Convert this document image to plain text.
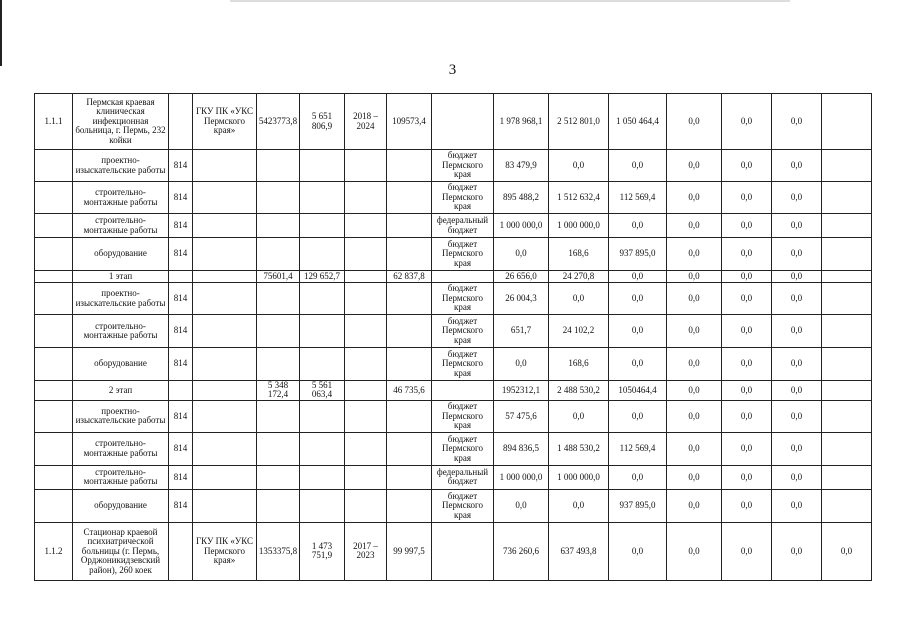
3
1.1.1	Пермская краевая клиническая инфекционная больница, г. Пермь, 232 койки		ГКУ ПК «УКС Пермского края»	5423773,8	5 651 806,9	2018 – 2024	109573,4		1 978 968,1	2 512 801,0	1 050 464,4	0,0	0,0	0,0	
	проектно-изыскательские работы	814						бюджет Пермского края	83 479,9	0,0	0,0	0,0	0,0	0,0	
	строительно-монтажные работы	814						бюджет Пермского края	895 488,2	1 512 632,4	112 569,4	0,0	0,0	0,0	
	строительно-монтажные работы	814						федеральный бюджет	1 000 000,0	1 000 000,0	0,0	0,0	0,0	0,0	
	оборудование	814						бюджет Пермского края	0,0	168,6	937 895,0	0,0	0,0	0,0	
	1 этап			75601,4	129 652,7		62 837,8		26 656,0	24 270,8	0,0	0,0	0,0	0,0	
	проектно-изыскательские работы	814						бюджет Пермского края	26 004,3	0,0	0,0	0,0	0,0	0,0	
	строительно-монтажные работы	814						бюджет Пермского края	651,7	24 102,2	0,0	0,0	0,0	0,0	
	оборудование	814						бюджет Пермского края	0,0	168,6	0,0	0,0	0,0	0,0	
	2 этап			5 348 172,4	5 561 063,4		46 735,6		1952312,1	2 488 530,2	1050464,4	0,0	0,0	0,0	
	проектно-изыскательские работы	814						бюджет Пермского края	57 475,6	0,0	0,0	0,0	0,0	0,0	
	строительно-монтажные работы	814						бюджет Пермского края	894 836,5	1 488 530,2	112 569,4	0,0	0,0	0,0	
	строительно-монтажные работы	814						федеральный бюджет	1 000 000,0	1 000 000,0	0,0	0,0	0,0	0,0	
	оборудование	814						бюджет Пермского края	0,0	0,0	937 895,0	0,0	0,0	0,0	
1.1.2	Стационар краевой психиатрической больницы (г. Пермь, Орджоникидзевский район), 260 коек		ГКУ ПК «УКС Пермского края»	1353375,8	1 473 751,9	2017 – 2023	99 997,5		736 260,6	637 493,8	0,0	0,0	0,0	0,0	0,0
